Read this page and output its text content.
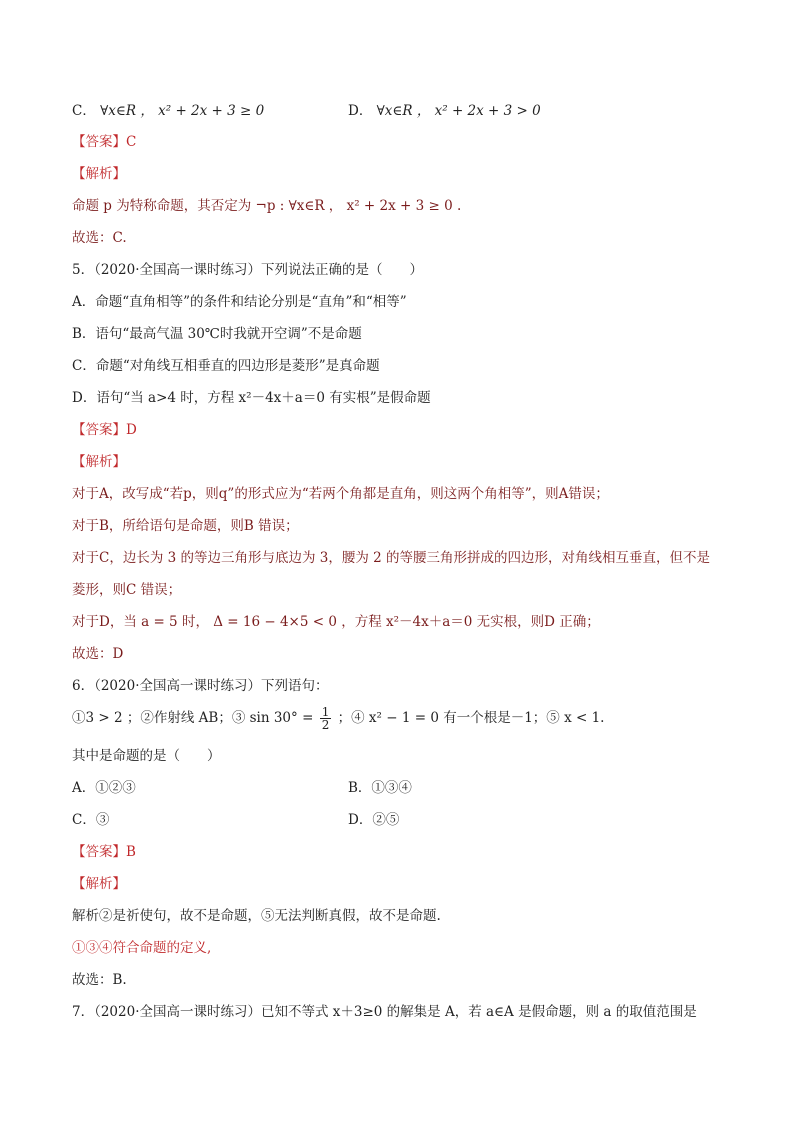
C． ∀x∈R ， x² + 2x + 3 ≥ 0	D． ∀x∈R ， x² + 2x + 3 > 0
【答案】C
【解析】
命题 p 为特称命题，其否定为 ¬p : ∀x∈R ， x² + 2x + 3 ≥ 0 .
故选：C.
5．（2020·全国高一课时练习）下列说法正确的是（　　）
A．命题“直角相等”的条件和结论分别是“直角”和“相等”
B．语句“最高气温 30℃时我就开空调”不是命题
C．命题“对角线互相垂直的四边形是菱形”是真命题
D．语句“当 a>4 时，方程 x²－4x＋a＝0 有实根”是假命题
【答案】D
【解析】
对于A，改写成“若p，则q”的形式应为“若两个角都是直角，则这两个角相等”，则A错误；
对于B，所给语句是命题，则B 错误；
对于C，边长为 3 的等边三角形与底边为 3，腰为 2 的等腰三角形拼成的四边形，对角线相互垂直，但不是
菱形，则C 错误；
对于D，当 a = 5 时， Δ = 16 − 4×5 < 0 ，方程 x²－4x＋a＝0 无实根，则D 正确；
故选：D
6．（2020·全国高一课时练习）下列语句：
①3 > 2 ；②作射线 AB；③ $\sin 30^\circ = \frac{1}{2}$ ；④ x² − 1 = 0 有一个根是－1；⑤ x < 1.
其中是命题的是（　　）
A．①②③	B．①③④
C．③	D．②⑤
【答案】B
【解析】
解析②是祈使句，故不是命题，⑤无法判断真假，故不是命题.
①③④符合命题的定义,
故选：B.
7．（2020·全国高一课时练习）已知不等式 x＋3≥0 的解集是 A，若 a∈A 是假命题，则 a 的取值范围是
